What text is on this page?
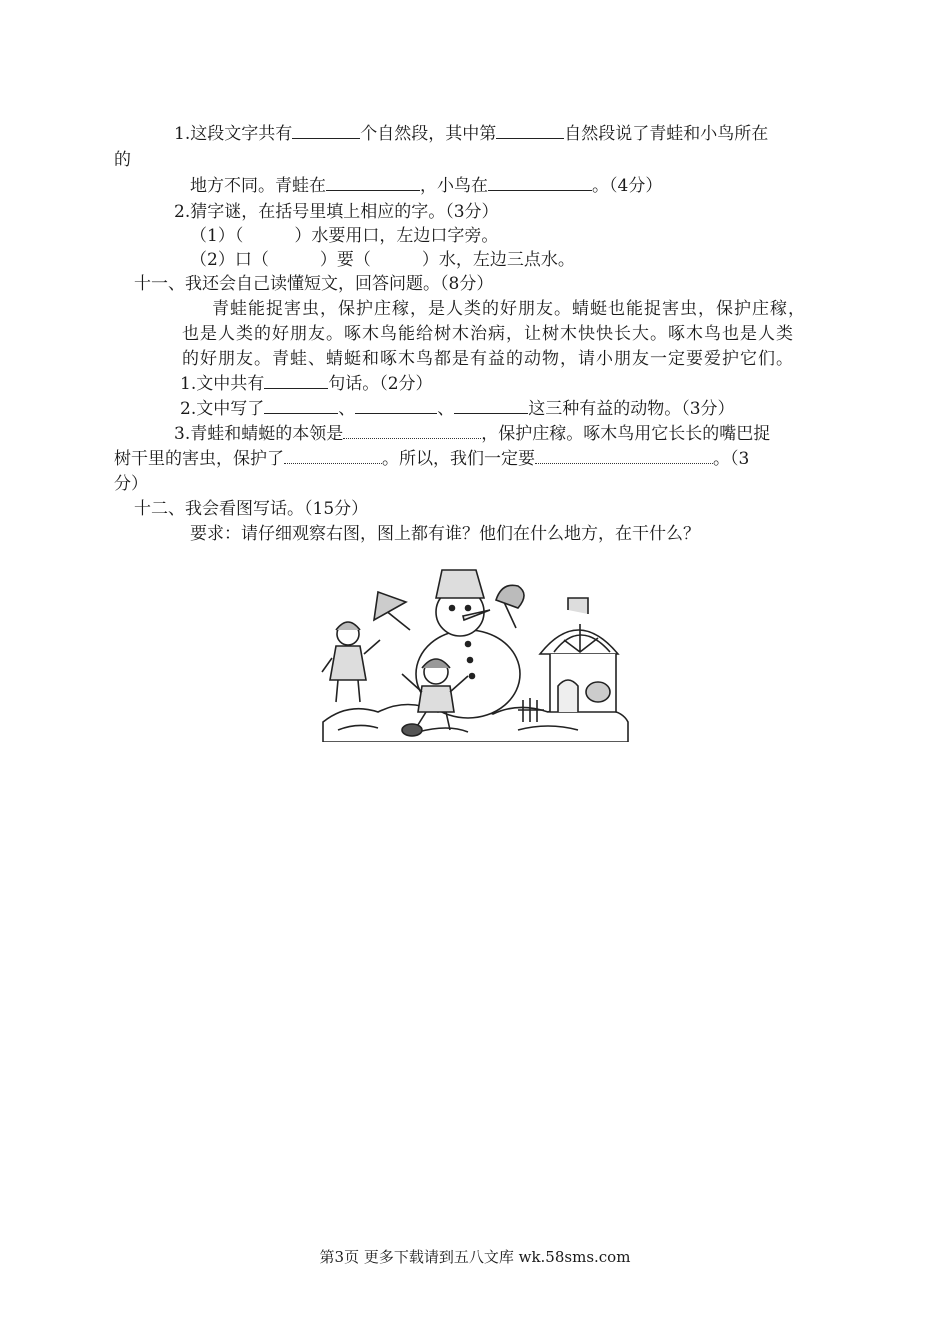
1.这段文字共有	个自然段，其中第	自然段说了青蛙和小鸟所在
的
地方不同。青蛙在	，小鸟在	。（4分）
2.猜字谜，在括号里填上相应的字。（3分）
（1）（　　　）水要用口，左边口字旁。
（2）口（　　　）要（　　　）水，左边三点水。
十一、我还会自己读懂短文，回答问题。（8分）
青蛙能捉害虫，保护庄稼，是人类的好朋友。蜻蜓也能捉害虫，保护庄稼，
也是人类的好朋友。啄木鸟能给树木治病，让树木快快长大。啄木鸟也是人类
的好朋友。青蛙、蜻蜓和啄木鸟都是有益的动物，请小朋友一定要爱护它们。
1.文中共有	句话。（2分）
2.文中写了	、	、	这三种有益的动物。（3分）
3.青蛙和蜻蜓的本领是	，保护庄稼。啄木鸟用它长长的嘴巴捉
树干里的害虫，保护了	。所以，我们一定要	。（3
分）
十二、我会看图写话。（15分）
要求：请仔细观察右图，图上都有谁？他们在什么地方，在干什么？
第3页 更多下载请到五八文库 wk.58sms.com
